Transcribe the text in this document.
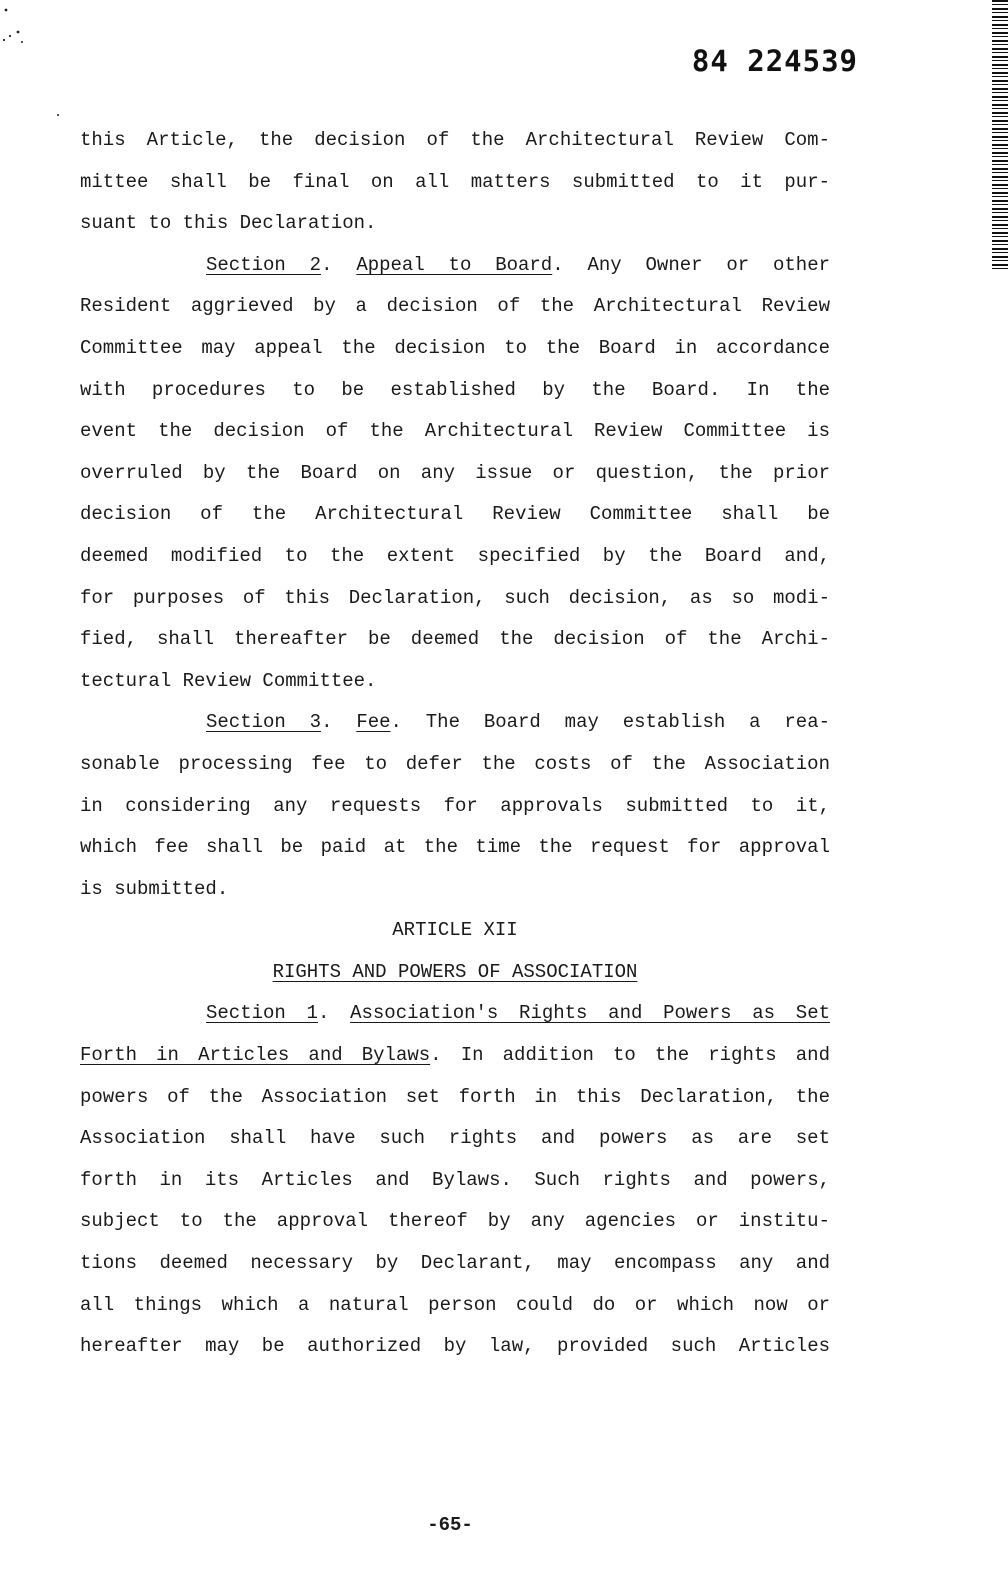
84 224539
this Article, the decision of the Architectural Review Com-
mittee shall be final on all matters submitted to it pur-
suant to this Declaration.
Section 2. Appeal to Board. Any Owner or other
Resident aggrieved by a decision of the Architectural Review
Committee may appeal the decision to the Board in accordance
with procedures to be established by the Board. In the
event the decision of the Architectural Review Committee is
overruled by the Board on any issue or question, the prior
decision of the Architectural Review Committee shall be
deemed modified to the extent specified by the Board and,
for purposes of this Declaration, such decision, as so modi-
fied, shall thereafter be deemed the decision of the Archi-
tectural Review Committee.
Section 3. Fee. The Board may establish a rea-
sonable processing fee to defer the costs of the Association
in considering any requests for approvals submitted to it,
which fee shall be paid at the time the request for approval
is submitted.
ARTICLE XII
RIGHTS AND POWERS OF ASSOCIATION
Section 1. Association's Rights and Powers as Set
Forth in Articles and Bylaws. In addition to the rights and
powers of the Association set forth in this Declaration, the
Association shall have such rights and powers as are set
forth in its Articles and Bylaws. Such rights and powers,
subject to the approval thereof by any agencies or institu-
tions deemed necessary by Declarant, may encompass any and
all things which a natural person could do or which now or
hereafter may be authorized by law, provided such Articles
-65-
